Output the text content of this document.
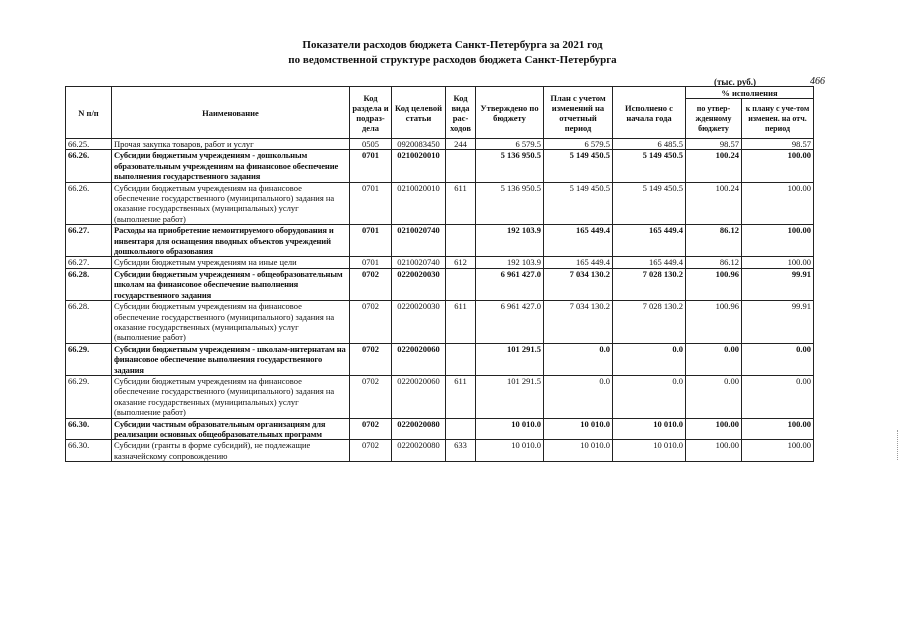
Показатели расходов бюджета Санкт-Петербурга за 2021 год
по ведомственной структуре расходов бюджета Санкт-Петербурга
(тыс. руб.)	466
N п/п	Наименование	Код раздела и подраз-дела	Код целевой статьи	Код вида рас-ходов	Утверждено по бюджету	План с учетом изменений на отчетный период	Исполнено с начала года	% исполнения	
								по утвер-жденному бюджету	к плану с уче-том изменен. на отч. период
66.25.	Прочая закупка товаров, работ и услуг	0505	0920083450	244	6 579.5	6 579.5	6 485.5	98.57	98.57
66.26.	Субсидии бюджетным учреждениям - дошкольным образовательным учреждениям на финансовое обеспечение выполнения государственного задания	0701	0210020010		5 136 950.5	5 149 450.5	5 149 450.5	100.24	100.00
66.26.	Субсидии бюджетным учреждениям на финансовое обеспечение государственного (муниципального) задания на оказание государственных (муниципальных) услуг (выполнение работ)	0701	0210020010	611	5 136 950.5	5 149 450.5	5 149 450.5	100.24	100.00
66.27.	Расходы на приобретение немонтируемого оборудования и инвентаря для оснащения вводных объектов учреждений дошкольного образования	0701	0210020740		192 103.9	165 449.4	165 449.4	86.12	100.00
66.27.	Субсидии бюджетным учреждениям на иные цели	0701	0210020740	612	192 103.9	165 449.4	165 449.4	86.12	100.00
66.28.	Субсидии бюджетным учреждениям - общеобразовательным школам на финансовое обеспечение выполнения государственного задания	0702	0220020030		6 961 427.0	7 034 130.2	7 028 130.2	100.96	99.91
66.28.	Субсидии бюджетным учреждениям на финансовое обеспечение государственного (муниципального) задания на оказание государственных (муниципальных) услуг (выполнение работ)	0702	0220020030	611	6 961 427.0	7 034 130.2	7 028 130.2	100.96	99.91
66.29.	Субсидии бюджетным учреждениям - школам-интернатам на финансовое обеспечение выполнения государственного задания	0702	0220020060		101 291.5	0.0	0.0	0.00	0.00
66.29.	Субсидии бюджетным учреждениям на финансовое обеспечение государственного (муниципального) задания на оказание государственных (муниципальных) услуг (выполнение работ)	0702	0220020060	611	101 291.5	0.0	0.0	0.00	0.00
66.30.	Субсидии частным образовательным организациям для реализации основных общеобразовательных программ	0702	0220020080		10 010.0	10 010.0	10 010.0	100.00	100.00
66.30.	Субсидии (гранты в форме субсидий), не подлежащие казначейскому сопровождению	0702	0220020080	633	10 010.0	10 010.0	10 010.0	100.00	100.00
